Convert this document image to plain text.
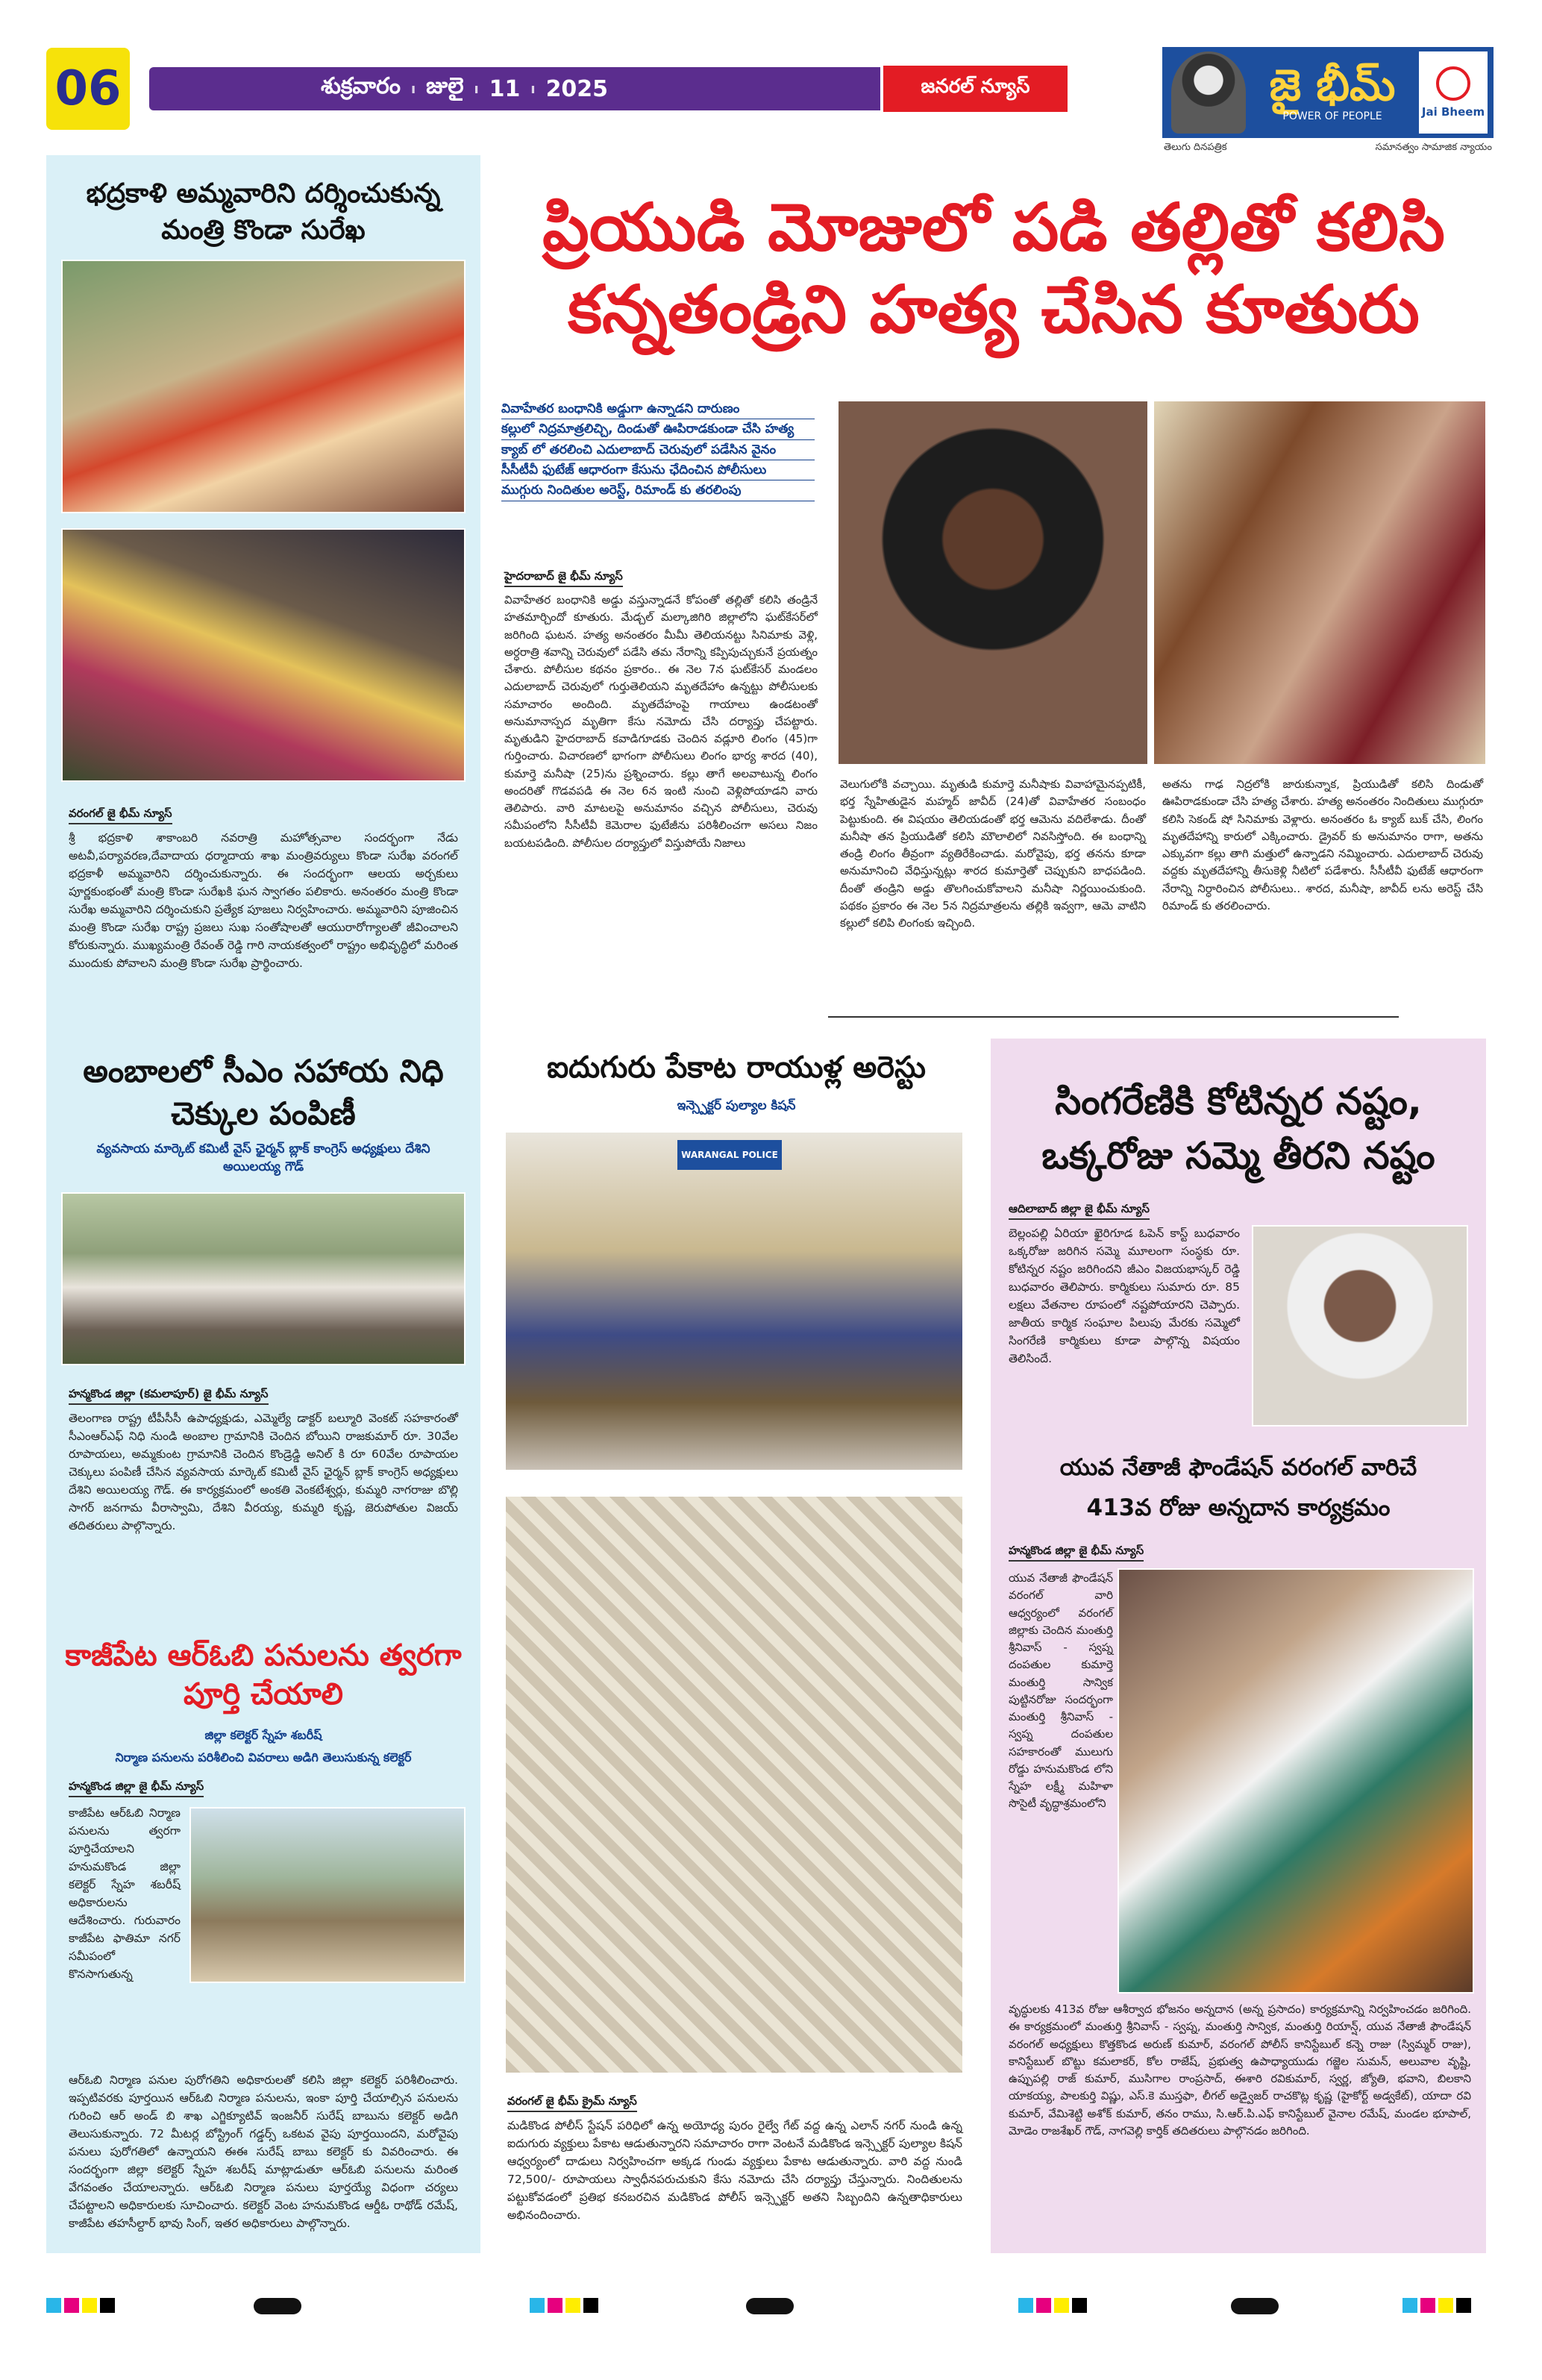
06	శుక్రవారం ı జులై ı 11 ı 2025	జనరల్ న్యూస్	జై భీమ్
POWER OF PEOPLE	Jai Bheem
తెలుగు దినపత్రిక	సమానత్వం సామాజిక న్యాయం
భద్రకాళి అమ్మవారిని దర్శించుకున్న మంత్రి కొండా సురేఖ
వరంగల్ జై భీమ్ న్యూస్
శ్రీ భద్రకాళి శాకాంబరి నవరాత్రి మహోత్సవాల సందర్భంగా నేడు అటవీ,పర్యావరణ,దేవాదాయ ధర్మాదాయ శాఖ మంత్రివర్యులు కొండా సురేఖ వరంగల్ భద్రకాళీ అమ్మవారిని దర్శించుకున్నారు. ఈ సందర్భంగా ఆలయ అర్చకులు పూర్ణకుంభంతో మంత్రి కొండా సురేఖకి ఘన స్వాగతం పలికారు. అనంతరం మంత్రి కొండా సురేఖ అమ్మవారిని దర్శించుకుని ప్రత్యేక పూజలు నిర్వహించారు. అమ్మవారిని పూజించిన మంత్రి కొండా సురేఖ రాష్ట్ర ప్రజలు సుఖ సంతోషాలతో ఆయురారోగ్యాలతో జీవించాలని కోరుకున్నారు. ముఖ్యమంత్రి రేవంత్ రెడ్డి గారి నాయకత్వంలో రాష్ట్రం అభివృద్ధిలో మరింత ముందుకు పోవాలని మంత్రి కొండా సురేఖ ప్రార్థించారు.
అంబాలలో సీఎం సహాయ నిధి చెక్కుల పంపిణీ
వ్యవసాయ మార్కెట్ కమిటీ వైస్ ఛైర్మన్ బ్లాక్ కాంగ్రెస్ అధ్యక్షులు దేశిని అయిలయ్య గౌడ్
హన్మకొండ జిల్లా (కమలాపూర్) జై భీమ్ న్యూస్
తెలంగాణ రాష్ట్ర టీపీసీసీ ఉపాధ్యక్షుడు, ఎమ్మెల్యే డాక్టర్ బల్మూరి వెంకట్ సహకారంతో సీఎంఆర్ఎఫ్ నిధి నుండి అంబాల గ్రామానికి చెందిన బోయిని రాజకుమార్ రూ. 30వేల రూపాయలు, అమ్మకుంట గ్రామానికి చెందిన కొండ్రెడ్డి అనిల్ కి రూ 60వేల రూపాయల చెక్కులు పంపిణీ చేసిన వ్యవసాయ మార్కెట్ కమిటీ వైస్ ఛైర్మన్ బ్లాక్ కాంగ్రెస్ అధ్యక్షులు దేశిని అయిలయ్య గౌడ్. ఈ కార్యక్రమంలో అంకతి వెంకటేశ్వర్లు, కుమ్మరి నాగరాజు బొల్లి సాగర్ జనగామ వీరాస్వామి, దేశిని వీరయ్య, కుమ్మరి కృష్ణ, జెరుపోతుల విజయ్ తదితరులు పాల్గొన్నారు.
కాజీపేట ఆర్ఓబి పనులను త్వరగా పూర్తి చేయాలి
జిల్లా కలెక్టర్ స్నేహ శబరీష్
నిర్మాణ పనులను పరిశీలించి వివరాలు అడిగి తెలుసుకున్న కలెక్టర్
హన్మకొండ జిల్లా జై భీమ్ న్యూస్
కాజీపేట ఆర్ఓబి నిర్మాణ పనులను త్వరగా పూర్తిచేయాలని హనుమకొండ జిల్లా కలెక్టర్ స్నేహ శబరీష్ అధికారులను ఆదేశించారు. గురువారం కాజీపేట ఫాతిమా నగర్ సమీపంలో కొనసాగుతున్న
ఆర్ఓబి నిర్మాణ పనుల పురోగతిని అధికారులతో కలిసి జిల్లా కలెక్టర్ పరిశీలించారు. ఇప్పటివరకు పూర్తయిన ఆర్ఓబి నిర్మాణ పనులను, ఇంకా పూర్తి చేయాల్సిన పనులను గురించి ఆర్ అండ్ బి శాఖ ఎగ్జిక్యూటివ్ ఇంజనీర్ సురేష్ బాబును కలెక్టర్ అడిగి తెలుసుకున్నారు. 72 మీటర్ల బోస్ట్రింగ్ గడ్డర్స్ ఒకటవ వైపు పూర్తయిందని, మరోవైపు పనులు పురోగతిలో ఉన్నాయని ఈఈ సురేష్ బాబు కలెక్టర్ కు వివరించారు. ఈ సందర్భంగా జిల్లా కలెక్టర్ స్నేహ శబరీష్ మాట్లాడుతూ ఆర్ఓబి పనులను మరింత వేగవంతం చేయాలన్నారు. ఆర్ఓబి నిర్మాణ పనులు పూర్తయ్యే విధంగా చర్యలు చేపట్టాలని అధికారులకు సూచించారు. కలెక్టర్ వెంట హనుమకొండ ఆర్డీఓ రాథోడ్ రమేష్, కాజీపేట తహసీల్దార్ భావు సింగ్, ఇతర అధికారులు పాల్గొన్నారు.
ప్రియుడి మోజులో పడి తల్లితో కలిసి
కన్నతండ్రిని హత్య చేసిన కూతురు

వివాహేతర బంధానికి అడ్డుగా ఉన్నాడని దారుణం

కల్లులో నిద్రమాత్రలిచ్చి, దిండుతో ఊపిరాడకుండా చేసి హత్య

క్యాబ్ లో తరలించి ఎదులాబాద్ చెరువులో పడేసిన వైనం

సీసీటీవీ ఫుటేజ్ ఆధారంగా కేసును ఛేదించిన పోలీసులు

ముగ్గురు నిందితుల అరెస్ట్, రిమాండ్ కు తరలింపు

హైదరాబాద్ జై భీమ్ న్యూస్
వివాహేతర బంధానికి అడ్డు వస్తున్నాడనే కోపంతో తల్లితో కలిసి తండ్రినే హతమార్చిందో కూతురు. మేడ్చల్ మల్కాజిగిరి జిల్లాలోని ఘట్‌కేసర్‌లో జరిగింది ఘటన. హత్య అనంతరం మీమీ తెలియనట్టు సినిమాకు వెళ్లి, అర్ధరాత్రి శవాన్ని చెరువులో పడేసి తమ నేరాన్ని కప్పిపుచ్చుకునే ప్రయత్నం చేశారు. పోలీసుల కథనం ప్రకారం.. ఈ నెల 7న ఘట్‌కేసర్ మండలం ఎదులాబాద్ చెరువులో గుర్తుతెలియని మృతదేహాం ఉన్నట్టు పోలీసులకు సమాచారం అందింది. మృతదేహంపై గాయాలు ఉండటంతో అనుమానాస్పద మృతిగా కేసు నమోదు చేసి దర్యాప్తు చేపట్టారు. మృతుడిని హైదరాబాద్ కవాడిగూడకు చెందిన వడ్లూరి లింగం (45)గా గుర్తించారు. విచారణలో భాగంగా పోలీసులు లింగం భార్య శారద (40), కుమార్తె మనీషా (25)ను ప్రశ్నించారు. కల్లు తాగే అలవాటున్న లింగం అందరితో గొడవపడి ఈ నెల 6న ఇంటి నుంచి వెళ్లిపోయాడని వారు తెలిపారు. వారి మాటలపై అనుమానం వచ్చిన పోలీసులు, చెరువు సమీపంలోని సీసీటీవీ కెమెరాల ఫుటేజీను పరిశీలించగా అసలు నిజం బయటపడింది. పోలీసుల దర్యాప్తులో విస్తుపోయే నిజాలు
వెలుగులోకి వచ్చాయి. మృతుడి కుమార్తె మనీషాకు వివాహామైనప్పటికీ, భర్త స్నేహితుడైన మహ్మద్ జావీద్ (24)తో వివాహేతర సంబంధం పెట్టుకుంది. ఈ విషయం తెలియడంతో భర్త ఆమెను వదిలేశాడు. దీంతో మనీషా తన ప్రియుడితో కలిసి మౌలాలిలో నివసిస్తోంది. ఈ బంధాన్ని తండ్రి లింగం తీవ్రంగా వ్యతిరేకించాడు. మరోవైపు, భర్త తనను కూడా అనుమానించి వేధిస్తున్నట్లు శారద కుమార్తెతో చెప్పుకుని బాధపడింది. దీంతో తండ్రిని అడ్డు తొలగించుకోవాలని మనీషా నిర్ణయించుకుంది. పథకం ప్రకారం ఈ నెల 5న నిద్రమాత్రలను తల్లికి ఇవ్వగా, ఆమె వాటిని కల్లులో కలిపి లింగంకు ఇచ్చింది.
అతను గాఢ నిద్రలోకి జారుకున్నాక, ప్రియుడితో కలిసి దిండుతో ఊపిరాడకుండా చేసి హత్య చేశారు. హత్య అనంతరం నిందితులు ముగ్గురూ కలిసి సెకండ్ షో సినిమాకు వెళ్లారు. అనంతరం ఓ క్యాబ్ బుక్ చేసి, లింగం మృతదేహాన్ని కారులో ఎక్కించారు. డ్రైవర్ కు అనుమానం రాగా, అతను ఎక్కువగా కల్లు తాగి మత్తులో ఉన్నాడని నమ్మించారు. ఎదులాబాద్ చెరువు వద్దకు మృతదేహాన్ని తీసుకెళ్లి నీటిలో పడేశారు. సీసీటీవీ ఫుటేజ్ ఆధారంగా నేరాన్ని నిర్ధారించిన పోలీసులు.. శారద, మనీషా, జావీద్ లను అరెస్ట్ చేసి రిమాండ్ కు తరలించారు.
ఐదుగురు పేకాట రాయుళ్ల అరెస్టు
ఇన్స్పెక్టర్ పుల్యాల కిషన్
WARANGAL POLICE
వరంగల్ జై భీమ్ క్రైమ్ న్యూస్
మడికొండ పోలీస్ స్టేషన్ పరిధిలో ఉన్న అయోధ్య పురం రైల్వే గేట్ వద్ద ఉన్న ఎలాన్ నగర్ నుండి ఉన్న ఐదుగురు వ్యక్తులు పేకాట ఆడుతున్నారని సమాచారం రాగా వెంటనే మడికొండ ఇన్స్పెక్టర్ పుల్యాల కిషన్ ఆధ్వర్యంలో దాడులు నిర్వహించగా అక్కడ గుండు వ్యక్తులు పేకాట ఆడుతున్నారు. వారి వద్ద నుండి 72,500/- రూపాయలు స్వాధీనపరుచుకుని కేసు నమోదు చేసి దర్యాప్తు చేస్తున్నారు. నిందితులను పట్టుకోవడంలో ప్రతిభ కనబరచిన మడికొండ పోలీస్ ఇన్స్పెక్టర్ అతని సిబ్బందిని ఉన్నతాధికారులు అభినందించారు.
సింగరేణికి కోటిన్నర నష్టం, ఒక్కరోజు సమ్మె తీరని నష్టం
ఆదిలాబాద్ జిల్లా జై భీమ్ న్యూస్
బెల్లంపల్లి ఏరియా ఖైరిగూడ ఓపెన్ కాస్ట్ బుధవారం ఒక్కరోజు జరిగిన సమ్మె మూలంగా సంస్థకు రూ. కోటిన్నర నష్టం జరిగిందని జీఎం విజయభాస్కర్ రెడ్డి బుధవారం తెలిపారు. కార్మికులు సుమారు రూ. 85 లక్షలు వేతనాల రూపంలో నష్టపోయారని చెప్పారు. జాతీయ కార్మిక సంఘాల పిలుపు మేరకు సమ్మెలో సింగరేణి కార్మికులు కూడా పాల్గొన్న విషయం తెలిసిందే.
యువ నేతాజీ ఫౌండేషన్ వరంగల్ వారిచే
413వ రోజు అన్నదాన కార్యక్రమం
హన్మకొండ జిల్లా జై భీమ్ న్యూస్
యువ నేతాజీ ఫౌండేషన్ వరంగల్ వారి ఆధ్వర్యంలో వరంగల్ జిల్లాకు చెందిన మంతుర్తి శ్రీనివాస్ - స్వప్న దంపతుల కుమార్తె మంతుర్తి సాన్విక పుట్టినరోజు సందర్భంగా మంతుర్తి శ్రీనివాస్ - స్వప్న దంపతుల సహకారంతో ములుగు రోడ్డు హనుమకొండ లోని స్నేహ లక్ష్మీ మహిళా సొసైటీ వృద్ధాశ్రమంలోని
వృద్ధులకు 413వ రోజు ఆశీర్వాద భోజనం అన్నదాన (అన్న ప్రసాదం) కార్యక్రమాన్ని నిర్వహించడం జరిగింది. ఈ కార్యక్రమంలో మంతుర్తి శ్రీనివాస్ - స్వప్న, మంతుర్తి సాన్విక, మంతుర్తి రియాన్ష్, యువ నేతాజీ ఫౌండేషన్ వరంగల్ అధ్యక్షులు కొత్తకొండ అరుణ్ కుమార్, వరంగల్ పోలీస్ కానిస్టేబుల్ కన్నె రాజు (స్విమ్మర్ రాజు), కానిస్టేబుల్ బొట్టు కమలాకర్, కోల రాజేష్, ప్రభుత్వ ఉపాధ్యాయుడు గజ్జెల సుమన్, అలువాల వృష్టి, ఉప్పుపల్లి రాజ్ కుమార్, ముసిగాల రాంప్రసాద్, ఈశారి రవికుమార్, స్వర్ణ, జ్యోతి, భవాని, బిలకాని యాకయ్య, పాలకుర్తి విష్ణు, ఎస్.కె ముస్తఫా, లీగల్ అడ్వైజర్ రాచకొట్ల కృష్ణ (హైకోర్ట్ అడ్వకేట్), యాదా రవి కుమార్, వేమిశెట్టి అశోక్ కుమార్, తనం రాము, సి.ఆర్.పి.ఎఫ్ కానిస్టేబుల్ వైనాల రమేష్, మండల భూపాల్, మోడెం రాజశేఖర్ గౌడ్, నాగవెల్లి కార్తిక్ తదితరులు పాల్గొనడం జరిగింది.
